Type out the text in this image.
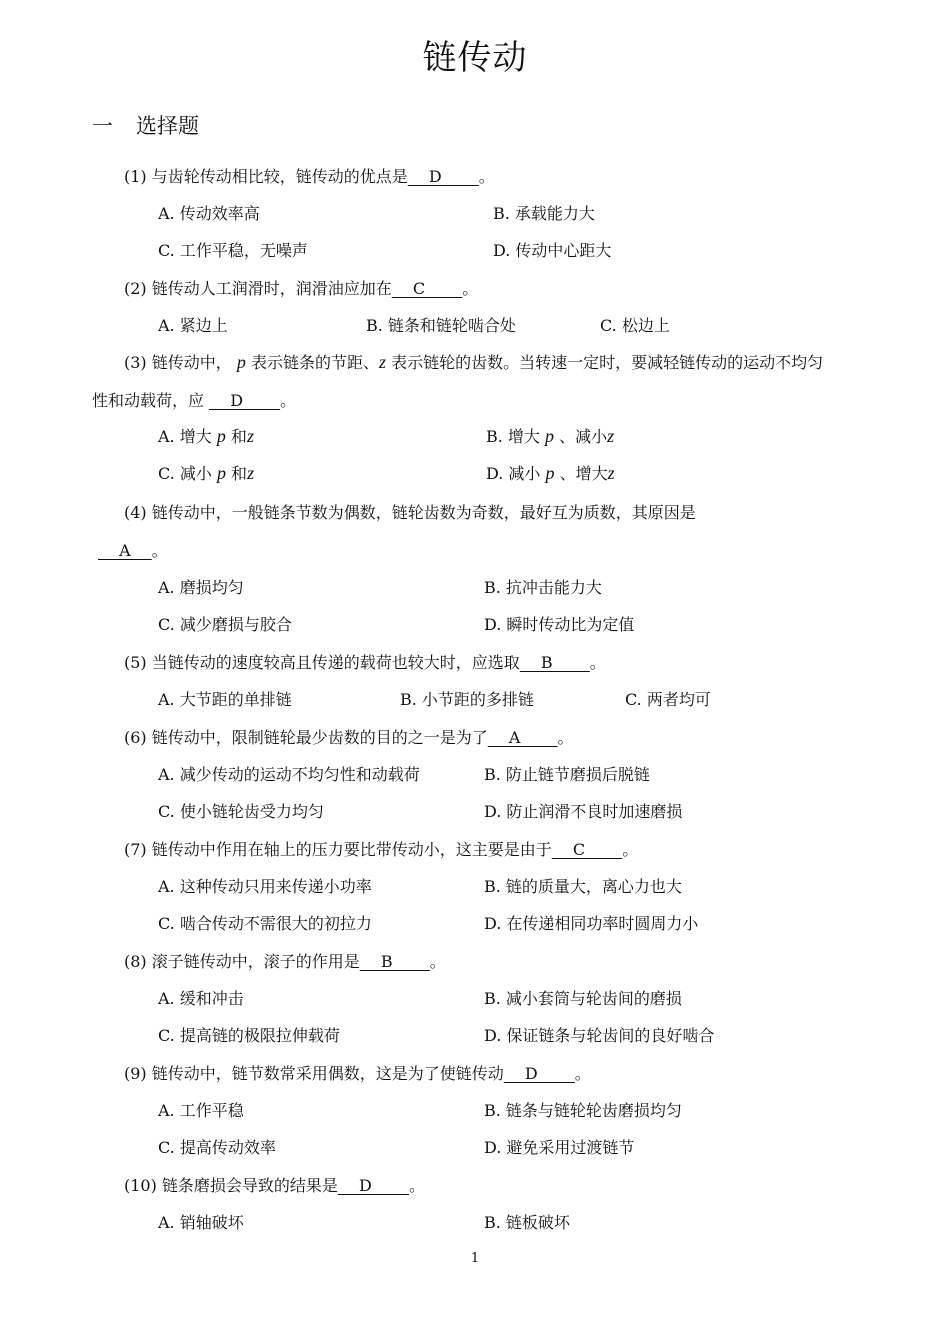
链传动
一 选择题
(1) 与齿轮传动相比较，链传动的优点是　 D　 　。
A. 传动效率高	B. 承载能力大
C. 工作平稳，无噪声	D. 传动中心距大
(2) 链传动人工润滑时，润滑油应加在　 C　 　。
A. 紧边上	B. 链条和链轮啮合处	C. 松边上
(3) 链传动中， p 表示链条的节距、z 表示链轮的齿数。当转速一定时，要减轻链传动的运动不均匀
性和动载荷，应 　 D　 　。
A. 增大 p 和z	B. 增大 p 、减小z
C. 减小 p 和z	D. 减小 p 、增大z
(4) 链传动中，一般链条节数为偶数，链轮齿数为奇数，最好互为质数，其原因是
　 A　 。
A. 磨损均匀	B. 抗冲击能力大
C. 减少磨损与胶合	D. 瞬时传动比为定值
(5) 当链传动的速度较高且传递的载荷也较大时，应选取　 B　 　。
A. 大节距的单排链	B. 小节距的多排链	C. 两者均可
(6) 链传动中，限制链轮最少齿数的目的之一是为了　 A　 　。
A. 减少传动的运动不均匀性和动载荷	B. 防止链节磨损后脱链
C. 使小链轮齿受力均匀	D. 防止润滑不良时加速磨损
(7) 链传动中作用在轴上的压力要比带传动小，这主要是由于　 C　 　。
A. 这种传动只用来传递小功率	B. 链的质量大，离心力也大
C. 啮合传动不需很大的初拉力	D. 在传递相同功率时圆周力小
(8) 滚子链传动中，滚子的作用是　 B　 　。
A. 缓和冲击	B. 减小套筒与轮齿间的磨损
C. 提高链的极限拉伸载荷	D. 保证链条与轮齿间的良好啮合
(9) 链传动中，链节数常采用偶数，这是为了使链传动　 D　 　。
A. 工作平稳	B. 链条与链轮轮齿磨损均匀
C. 提高传动效率	D. 避免采用过渡链节
(10) 链条磨损会导致的结果是　 D　 　。
A. 销轴破坏	B. 链板破坏
1
